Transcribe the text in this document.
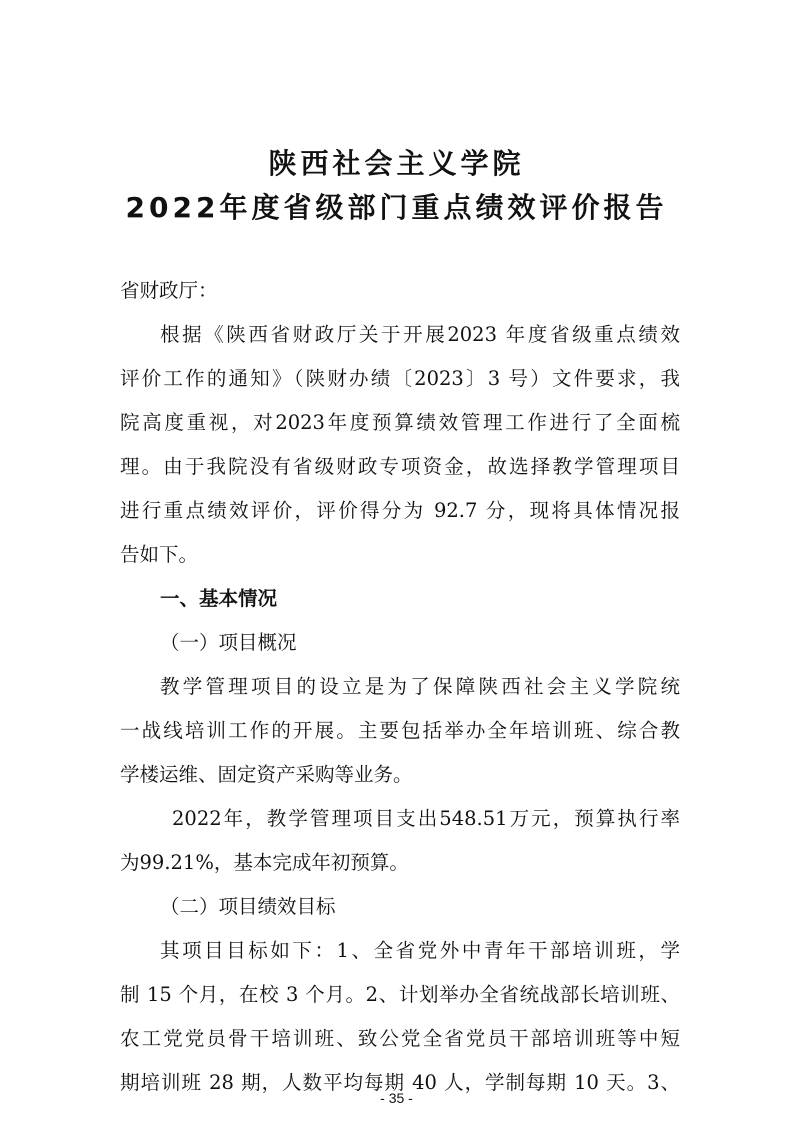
陕西社会主义学院
2022年度省级部门重点绩效评价报告
省财政厅：
根据《陕西省财政厅关于开展2023 年度省级重点绩效
评价工作的通知》（陕财办绩〔2023〕3 号）文件要求，我
院高度重视，对2023年度预算绩效管理工作进行了全面梳
理。由于我院没有省级财政专项资金，故选择教学管理项目
进行重点绩效评价，评价得分为 92.7 分，现将具体情况报
告如下。
一、基本情况
（一）项目概况
教学管理项目的设立是为了保障陕西社会主义学院统
一战线培训工作的开展。主要包括举办全年培训班、综合教
学楼运维、固定资产采购等业务。
2022年，教学管理项目支出548.51万元，预算执行率
为99.21%，基本完成年初预算。
（二）项目绩效目标
其项目目标如下：1、全省党外中青年干部培训班，学
制 15 个月，在校 3 个月。2、计划举办全省统战部长培训班、
农工党党员骨干培训班、致公党全省党员干部培训班等中短
期培训班 28 期，人数平均每期 40 人，学制每期 10 天。3、
- 35 -
